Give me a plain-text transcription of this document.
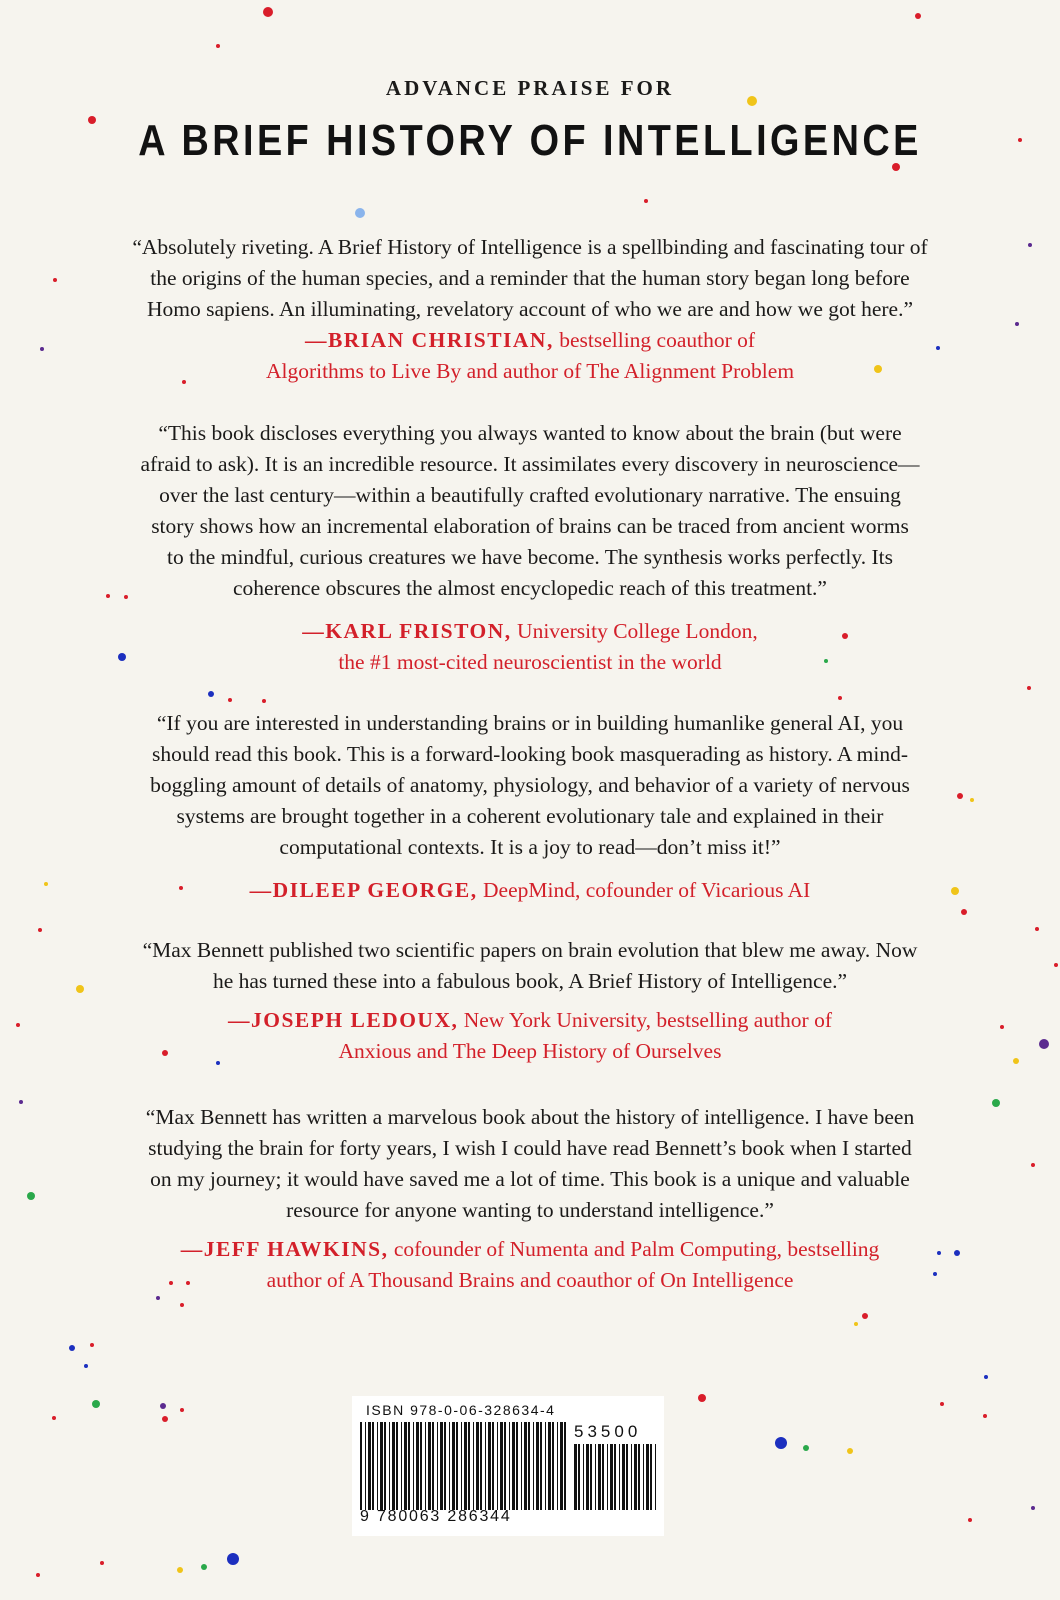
ADVANCE PRAISE FOR
A BRIEF HISTORY OF INTELLIGENCE

“Absolutely riveting. A Brief History of Intelligence is a spellbinding and fascinating tour of
the origins of the human species, and a reminder that the human story began long before
Homo sapiens. An illuminating, revelatory account of who we are and how we got here.”

—BRIAN CHRISTIAN, bestselling coauthor of
Algorithms to Live By and author of The Alignment Problem

“This book discloses everything you always wanted to know about the brain (but were
afraid to ask). It is an incredible resource. It assimilates every discovery in neuroscience—
over the last century—within a beautifully crafted evolutionary narrative. The ensuing
story shows how an incremental elaboration of brains can be traced from ancient worms
to the mindful, curious creatures we have become. The synthesis works perfectly. Its
coherence obscures the almost encyclopedic reach of this treatment.”

—KARL FRISTON, University College London,
the #1 most-cited neuroscientist in the world

“If you are interested in understanding brains or in building humanlike general AI, you
should read this book. This is a forward-looking book masquerading as history. A mind-
boggling amount of details of anatomy, physiology, and behavior of a variety of nervous
systems are brought together in a coherent evolutionary tale and explained in their
computational contexts. It is a joy to read—don’t miss it!”

—DILEEP GEORGE, DeepMind, cofounder of Vicarious AI

“Max Bennett published two scientific papers on brain evolution that blew me away. Now
he has turned these into a fabulous book, A Brief History of Intelligence.”

—JOSEPH LEDOUX, New York University, bestselling author of
Anxious and The Deep History of Ourselves

“Max Bennett has written a marvelous book about the history of intelligence. I have been
studying the brain for forty years, I wish I could have read Bennett’s book when I started
on my journey; it would have saved me a lot of time. This book is a unique and valuable
resource for anyone wanting to understand intelligence.”

—JEFF HAWKINS, cofounder of Numenta and Palm Computing, bestselling
author of A Thousand Brains and coauthor of On Intelligence

ISBN 978-0-06-328634-4
53500
9 780063 286344
